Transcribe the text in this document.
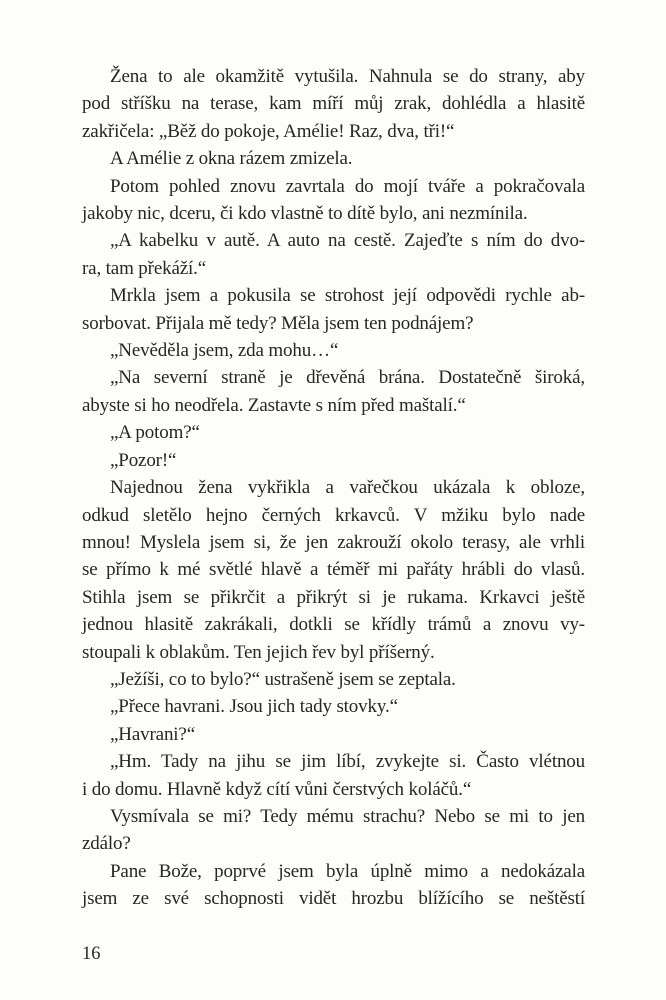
Žena to ale okamžitě vytušila. Nahnula se do strany, aby
pod stříšku na terase, kam míří můj zrak, dohlédla a hlasitě
zakřičela: „Běž do pokoje, Amélie! Raz, dva, tři!“

A Amélie z okna rázem zmizela.

Potom pohled znovu zavrtala do mojí tváře a pokračovala
jakoby nic, dceru, či kdo vlastně to dítě bylo, ani nezmínila.

„A kabelku v autě. A auto na cestě. Zajeďte s ním do dvo-
ra, tam překáží.“

Mrkla jsem a pokusila se strohost její odpovědi rychle ab-
sorbovat. Přijala mě tedy? Měla jsem ten podnájem?

„Nevěděla jsem, zda mohu…“

„Na severní straně je dřevěná brána. Dostatečně široká,
abyste si ho neodřela. Zastavte s ním před maštalí.“

„A potom?“

„Pozor!“

Najednou žena vykřikla a vařečkou ukázala k obloze,
odkud sletělo hejno černých krkavců. V mžiku bylo nade
mnou! Myslela jsem si, že jen zakrouží okolo terasy, ale vrhli
se přímo k mé světlé hlavě a téměř mi pařáty hrábli do vlasů.
Stihla jsem se přikrčit a přikrýt si je rukama. Krkavci ještě
jednou hlasitě zakrákali, dotkli se křídly trámů a znovu vy-
stoupali k oblakům. Ten jejich řev byl příšerný.

„Ježíši, co to bylo?“ ustrašeně jsem se zeptala.

„Přece havrani. Jsou jich tady stovky.“

„Havrani?“

„Hm. Tady na jihu se jim líbí, zvykejte si. Často vlétnou
i do domu. Hlavně když cítí vůni čerstvých koláčů.“

Vysmívala se mi? Tedy mému strachu? Nebo se mi to jen
zdálo?

Pane Bože, poprvé jsem byla úplně mimo a nedokázala
jsem ze své schopnosti vidět hrozbu blížícího se neštěstí

16
